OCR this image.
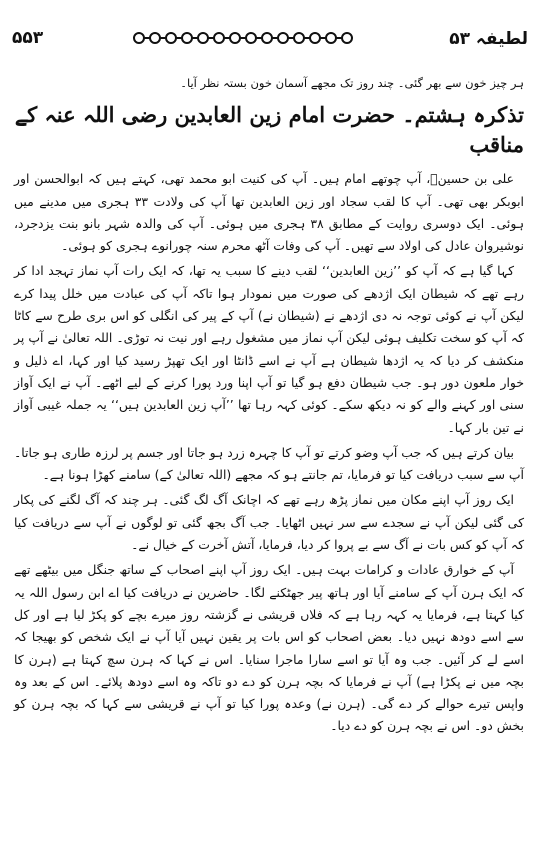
۵۵۳	لطیفہ ۵۳

ہر چیز خون سے بھر گئی۔ چند روز تک مجھے آسمان خون بستہ نظر آیا۔

تذکرہ ہشتم۔ حضرت امام زین العابدین رضی اللہ عنہ کے مناقب

علی بن حسینؓ، آپ چوتھے امام ہیں۔ آپ کی کنیت ابو محمد تھی، کہتے ہیں کہ ابوالحسن اور ابوبکر بھی تھی۔ آپ کا لقب سجاد اور زین العابدین تھا آپ کی ولادت ۳۳ ہجری میں مدینے میں ہوئی۔ ایک دوسری روایت کے مطابق ۳۸ ہجری میں ہوئی۔ آپ کی والدہ شہر بانو بنت یزدجرد، نوشیروان عادل کی اولاد سے تھیں۔ آپ کی وفات آٹھ محرم سنہ چورانوے ہجری کو ہوئی۔

کہا گیا ہے کہ آپ کو ’’زین العابدین‘‘ لقب دینے کا سبب یہ تھا، کہ ایک رات آپ نماز تہجد ادا کر رہے تھے کہ شیطان ایک اژدھے کی صورت میں نمودار ہوا تاکہ آپ کی عبادت میں خلل پیدا کرے لیکن آپ نے کوئی توجہ نہ دی اژدھے نے (شیطان نے) آپ کے پیر کی انگلی کو اس بری طرح سے کاٹا کہ آپ کو سخت تکلیف ہوئی لیکن آپ نماز میں مشغول رہے اور نیت نہ توڑی۔ اللہ تعالیٰ نے آپ پر منکشف کر دیا کہ یہ اژدھا شیطان ہے آپ نے اسے ڈانٹا اور ایک تھپڑ رسید کیا اور کہا، اے ذلیل و خوار ملعون دور ہو۔ جب شیطان دفع ہو گیا تو آپ اپنا ورد پورا کرنے کے لیے اٹھے۔ آپ نے ایک آواز سنی اور کہنے والے کو نہ دیکھ سکے۔ کوئی کہہ رہا تھا ’’آپ زین العابدین ہیں‘‘ یہ جملہ غیبی آواز نے تین بار کہا۔

بیان کرتے ہیں کہ جب آپ وضو کرتے تو آپ کا چہرہ زرد ہو جاتا اور جسم پر لرزہ طاری ہو جاتا۔ آپ سے سبب دریافت کیا تو فرمایا، تم جانتے ہو کہ مجھے (اللہ تعالیٰ کے) سامنے کھڑا ہونا ہے۔

ایک روز آپ اپنے مکان میں نماز پڑھ رہے تھے کہ اچانک آگ لگ گئی۔ ہر چند کہ آگ لگنے کی پکار کی گئی لیکن آپ نے سجدے سے سر نہیں اٹھایا۔ جب آگ بجھ گئی تو لوگوں نے آپ سے دریافت کیا کہ آپ کو کس بات نے آگ سے بے پروا کر دیا، فرمایا، آتش آخرت کے خیال نے۔

آپ کے خوارق عادات و کرامات بہت ہیں۔ ایک روز آپ اپنے اصحاب کے ساتھ جنگل میں بیٹھے تھے کہ ایک ہرن آپ کے سامنے آیا اور ہاتھ پیر جھٹکنے لگا۔ حاضرین نے دریافت کیا اے ابن رسول اللہ یہ کیا کہتا ہے، فرمایا یہ کہہ رہا ہے کہ فلاں قریشی نے گزشتہ روز میرے بچے کو پکڑ لیا ہے اور کل سے اسے دودھ نہیں دیا۔ بعض اصحاب کو اس بات پر یقین نہیں آیا آپ نے ایک شخص کو بھیجا کہ اسے لے کر آئیں۔ جب وہ آیا تو اسے سارا ماجرا سنایا۔ اس نے کہا کہ ہرن سچ کہتا ہے (ہرن کا بچہ میں نے پکڑا ہے) آپ نے فرمایا کہ بچہ ہرن کو دے دو تاکہ وہ اسے دودھ پلائے۔ اس کے بعد وہ واپس تیرے حوالے کر دے گی۔ (ہرن نے) وعدہ پورا کیا تو آپ نے قریشی سے کہا کہ بچہ ہرن کو بخش دو۔ اس نے بچہ ہرن کو دے دیا۔
